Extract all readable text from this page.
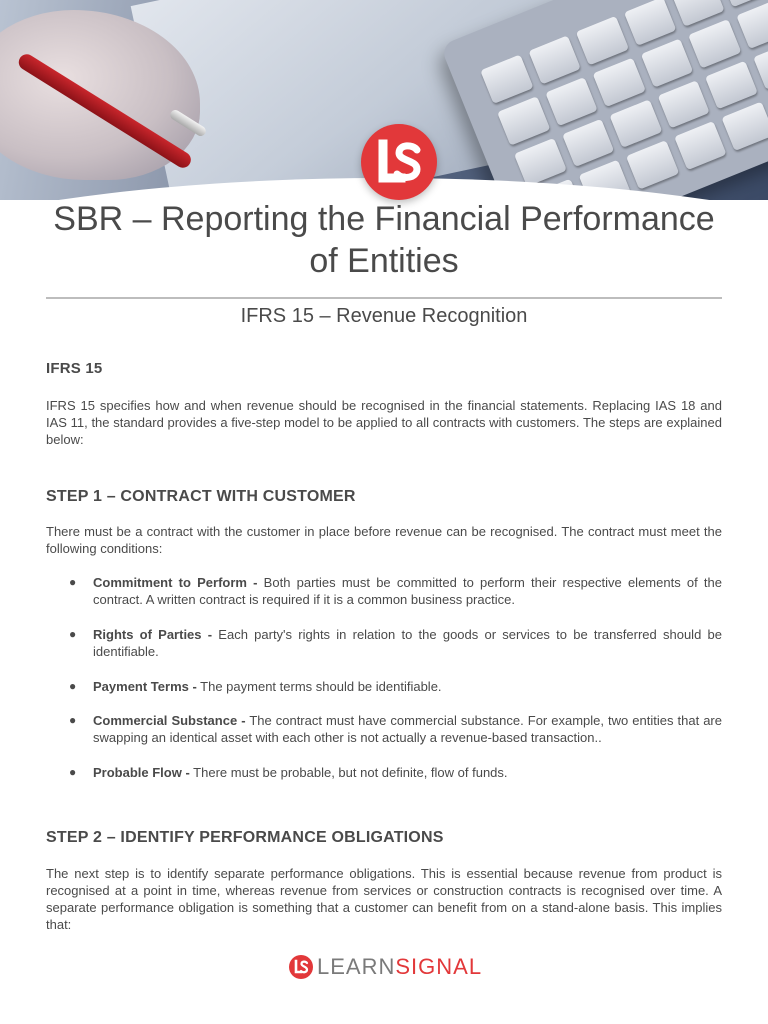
SBR – Reporting the Financial Performance of Entities
IFRS 15 – Revenue Recognition
IFRS 15

IFRS 15 specifies how and when revenue should be recognised in the financial statements. Replacing IAS 18 and IAS 11, the standard provides a five-step model to be applied to all contracts with customers. The steps are explained below:

STEP 1 – CONTRACT WITH CUSTOMER

There must be a contract with the customer in place before revenue can be recognised. The contract must meet the following conditions:

● Commitment to Perform - Both parties must be committed to perform their respective elements of the contract. A written contract is required if it is a common business practice.
● Rights of Parties - Each party's rights in relation to the goods or services to be transferred should be identifiable.
● Payment Terms - The payment terms should be identifiable.
● Commercial Substance - The contract must have commercial substance. For example, two entities that are swapping an identical asset with each other is not actually a revenue-based transaction..
● Probable Flow - There must be probable, but not definite, flow of funds.
STEP 2 – IDENTIFY PERFORMANCE OBLIGATIONS

The next step is to identify separate performance obligations. This is essential because revenue from product is recognised at a point in time, whereas revenue from services or construction contracts is recognised over time. A separate performance obligation is something that a customer can benefit from on a stand-alone basis. This implies that:

LEARNSIGNAL
